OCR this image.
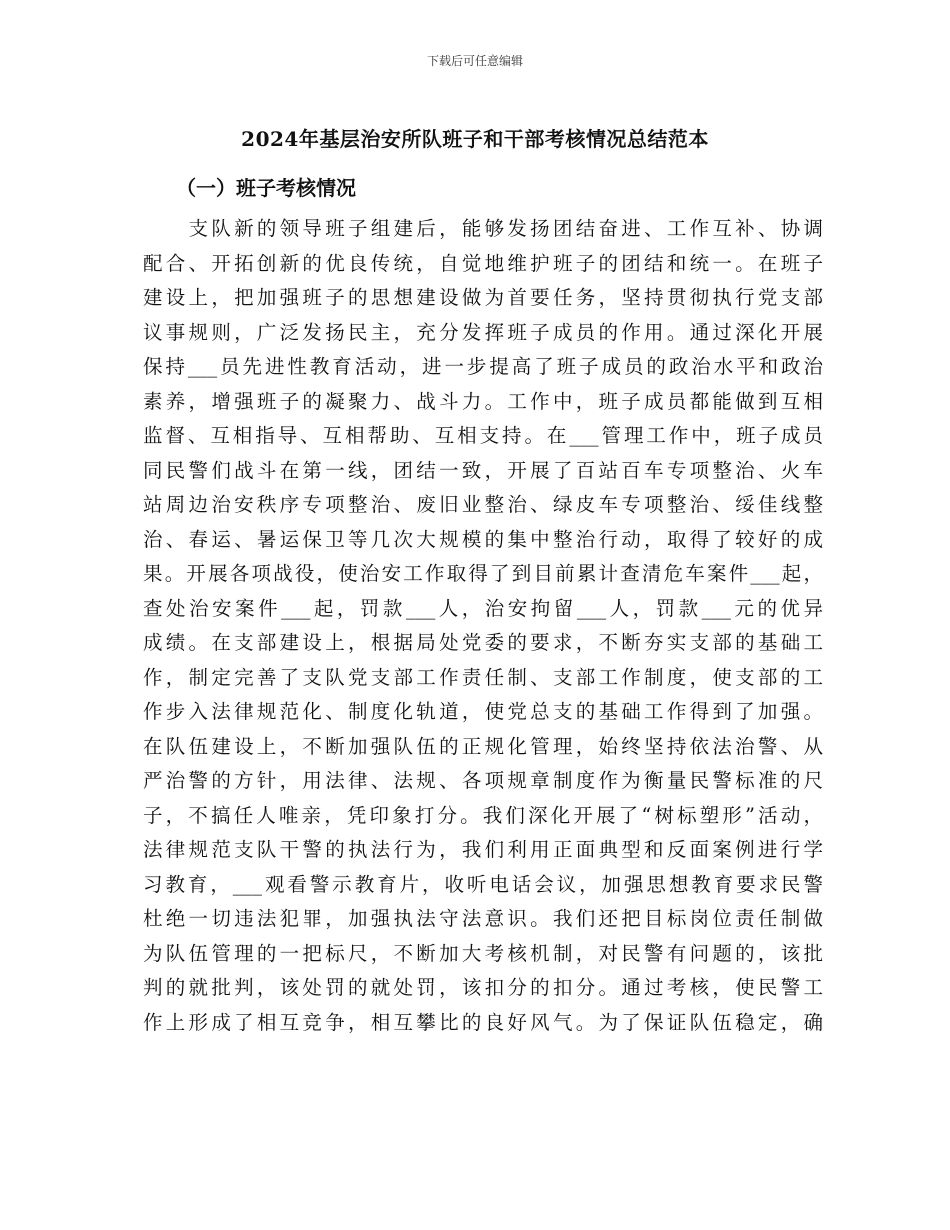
下载后可任意编辑
2024年基层治安所队班子和干部考核情况总结范本
（一）班子考核情况
　　支队新的领导班子组建后，能够发扬团结奋进、工作互补、协调
配合、开拓创新的优良传统，自觉地维护班子的团结和统一。在班子
建设上，把加强班子的思想建设做为首要任务，坚持贯彻执行党支部
议事规则，广泛发扬民主，充分发挥班子成员的作用。通过深化开展
保持___员先进性教育活动，进一步提高了班子成员的政治水平和政治
素养，增强班子的凝聚力、战斗力。工作中，班子成员都能做到互相
监督、互相指导、互相帮助、互相支持。在___管理工作中，班子成员
同民警们战斗在第一线，团结一致，开展了百站百车专项整治、火车
站周边治安秩序专项整治、废旧业整治、绿皮车专项整治、绥佳线整
治、春运、暑运保卫等几次大规模的集中整治行动，取得了较好的成
果。开展各项战役，使治安工作取得了到目前累计查清危车案件___起，
查处治安案件___起，罚款___人，治安拘留___人，罚款___元的优异
成绩。在支部建设上，根据局处党委的要求，不断夯实支部的基础工
作，制定完善了支队党支部工作责任制、支部工作制度，使支部的工
作步入法律规范化、制度化轨道，使党总支的基础工作得到了加强。
在队伍建设上，不断加强队伍的正规化管理，始终坚持依法治警、从
严治警的方针，用法律、法规、各项规章制度作为衡量民警标准的尺
子，不搞任人唯亲，凭印象打分。我们深化开展了“树标塑形”活动，
法律规范支队干警的执法行为，我们利用正面典型和反面案例进行学
习教育，___观看警示教育片，收听电话会议，加强思想教育要求民警
杜绝一切违法犯罪，加强执法守法意识。我们还把目标岗位责任制做
为队伍管理的一把标尺，不断加大考核机制，对民警有问题的，该批
判的就批判，该处罚的就处罚，该扣分的扣分。通过考核，使民警工
作上形成了相互竞争，相互攀比的良好风气。为了保证队伍稳定，确
